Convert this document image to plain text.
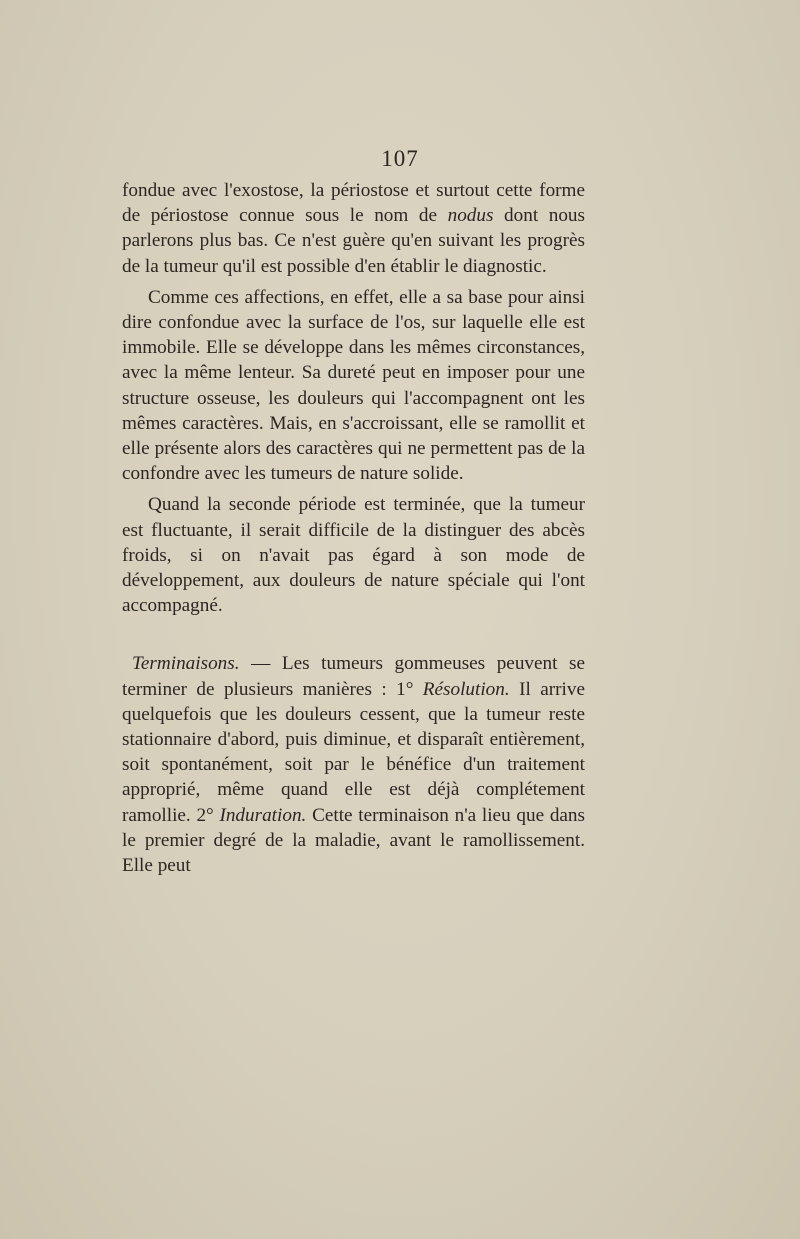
107

fondue avec l'exostose, la périostose et surtout cette forme de périostose connue sous le nom de nodus dont nous parlerons plus bas. Ce n'est guère qu'en suivant les progrès de la tumeur qu'il est possible d'en établir le diagnostic.

Comme ces affections, en effet, elle a sa base pour ainsi dire confondue avec la surface de l'os, sur laquelle elle est immobile. Elle se développe dans les mêmes circonstances, avec la même lenteur. Sa dureté peut en imposer pour une structure osseuse, les douleurs qui l'accompagnent ont les mêmes caractères. Mais, en s'accroissant, elle se ramollit et elle présente alors des caractères qui ne permettent pas de la confondre avec les tumeurs de nature solide.

Quand la seconde période est terminée, que la tumeur est fluctuante, il serait difficile de la distinguer des abcès froids, si on n'avait pas égard à son mode de développement, aux douleurs de nature spéciale qui l'ont accompagné.

Terminaisons. — Les tumeurs gommeuses peuvent se terminer de plusieurs manières : 1° Résolution. Il arrive quelquefois que les douleurs cessent, que la tumeur reste stationnaire d'abord, puis diminue, et disparaît entièrement, soit spontanément, soit par le bénéfice d'un traitement approprié, même quand elle est déjà complétement ramollie. 2° Induration. Cette terminaison n'a lieu que dans le premier degré de la maladie, avant le ramollissement. Elle peut
